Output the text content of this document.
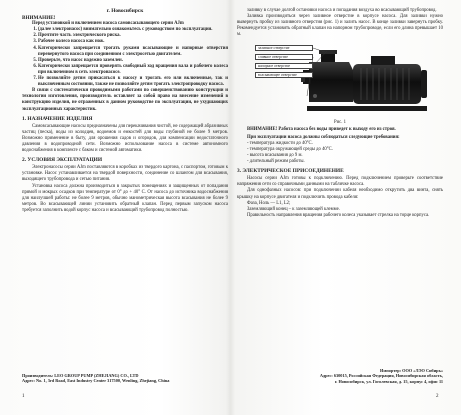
г. Новосибирск

ВНИМАНИЕ!

Перед установкой и включением насоса самовсасывающего серии AJm

1. (далее электронасос) внимательно ознакомьтесь с руководством по эксплуатации.
2. Прочтите часть электрического риска.
3. Рабочее колесо насоса как нож.
4. Категорически запрещается трогать руками всасывающие и напорные отверстия перевернутого насоса при соединенном с электросетью двигателем.
5. Проверьте, что насос надежно заземлен.
6. Категорически запрещается проверять свободный ход вращения вала и рабочего колеса при включенном в сеть электронасосе.
7. Не позволяйте детям прикасаться к насосу и трогать его или включенные, так и выключенным состоянии, также не позволяйте детям трогать электропроводку насоса.

В связи с систематически проводимыми работами по совершенствованию конструкции и технологии изготовления, производитель оставляет за собой право на внесение изменений в конструкцию изделия, не отраженных в данном руководстве по эксплуатации, не ухудшающих эксплуатационных характеристик.

1. НАЗНАЧЕНИЕ ИЗДЕЛИЯ

Самовсасывающие насосы предназначены для перекачивания чистой, не содержащей абразивных частиц (песка), воды из колодцев, водоемов и емкостей для воды глубиной не более 9 метров. Возможно применение в быту, для орошения садов и огородов, для компенсации недостаточного давления в водопроводной сети. Возможно использование насоса в системе автономного водоснабжения в комплекте с баком и системой автоматики.

2. УСЛОВИЯ ЭКСПЛУАТАЦИИ

Электронасосы серии AJm поставляются в коробках из твердого картона, с паспортом, готовым к установке. Насос устанавливается на твердой поверхности, соединение со шлангом для всасывания, выходящего трубопровода и сетью питания.

Установка насоса должна производиться в закрытых помещениях и защищенных от попадания прямой и мокрых осадков при температуре от 0° до + 40° С. От насоса до источника водоснабжения для наилучшей работы: не более 9 метров, обычно манометрическая высота всасывания не более 9 метров. Во всасывающей линии установить обратный клапан. Перед первым запуском насоса требуется заполнить водой корпус насоса и всасывающий трубопровод полностью.

Производитель: LEO GROUP PUMP (ZHEJIANG) CO., LTD

Адрес: No. 1, 3rd Road, East Industry Center 317500, Wenling, Zhejiang, China

1

заливку в случае долгой остановки насоса и попадания воздуха во всасывающий трубопровод.

Заливка производиться через заливное отверстие в корпусе насоса. Для заливки нужно вывернуть пробку из заливного отверстия (рис. 1) и залить насос. В конце заливки завернуть пробку. Рекомендуется установить обратный клапан на напорном трубопроводе, если его длина превышает 10 м.

заливное отверстие
сливное отверстие
напорное отверстие
всасывающее отверстие

Рис. 1

ВНИМАНИЕ! Работа насоса без воды приведет к выходу его из строя.

При эксплуатации насоса должны соблюдаться следующие требования:

- температура жидкости до 40°С.

- температура окружающей среды до 40°С.

- высота всасывания до 9 м.

- длительный режим работы.

3. ЭЛЕКТРИЧЕСКОЕ ПРИСОЕДИНЕНИЕ

Насосы серии AJm готовы к подключению. Перед подключением проверьте соответствие напряжения сети со справочными данными на табличке насоса.

Для однофазных насосов: при подключении кабеля необходимо открутить два винта, снять крышку на корпусе двигателя и подключить провода кабеля:

Фаза, Ноль — L1, L2;

Заземляющий конец – к заземляющей клемме.

Правильность направления вращения рабочего колеса указывает стрелка на торце корпуса.

Импортер: ООО «ЛЭО Сибирь»

Адрес: 630015, Российская Федерация, Новосибирская область,

г. Новосибирск, ул. Гоголевская, д. 15, корпус 4, офис 11

2
